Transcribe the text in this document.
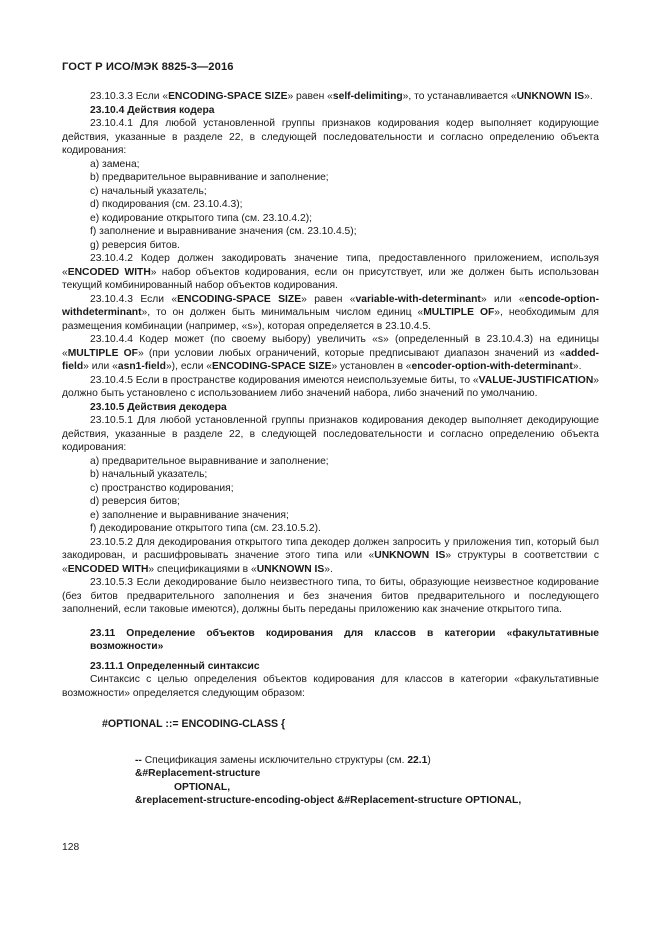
ГОСТ Р ИСО/МЭК 8825-3—2016

23.10.3.3 Если «ENCODING-SPACE SIZE» равен «self-delimiting», то устанавливается «UNKNOWN IS».

23.10.4 Действия кодера

23.10.4.1 Для любой установленной группы признаков кодирования кодер выполняет кодирующие действия, указанные в разделе 22, в следующей последовательности и согласно определению объекта кодирования:

a) замена;

b) предварительное выравнивание и заполнение;

c) начальный указатель;

d) пкодирования (см. 23.10.4.3);

e) кодирование открытого типа (см. 23.10.4.2);

f) заполнение и выравнивание значения (см. 23.10.4.5);

g) реверсия битов.

23.10.4.2 Кодер должен закодировать значение типа, предоставленного приложением, используя «ENCODED WITH» набор объектов кодирования, если он присутствует, или же должен быть использован текущий комбинированный набор объектов кодирования.

23.10.4.3 Если «ENCODING-SPACE SIZE» равен «variable-with-determinant» или «encode-option-withdeterminant», то он должен быть минимальным числом единиц «MULTIPLE OF», необходимым для размещения комбинации (например, «s»), которая определяется в 23.10.4.5.

23.10.4.4 Кодер может (по своему выбору) увеличить «s» (определенный в 23.10.4.3) на единицы «MULTIPLE OF» (при условии любых ограничений, которые предписывают диапазон значений из «added-field» или «asn1-field»), если «ENCODING-SPACE SIZE» установлен в «encoder-option-with-determinant».

23.10.4.5 Если в пространстве кодирования имеются неиспользуемые биты, то «VALUE-JUSTIFICATION» должно быть установлено с использованием либо значений набора, либо значений по умолчанию.

23.10.5 Действия декодера

23.10.5.1 Для любой установленной группы признаков кодирования декодер выполняет декодирующие действия, указанные в разделе 22, в следующей последовательности и согласно определению объекта кодирования:

a) предварительное выравнивание и заполнение;

b) начальный указатель;

c) пространство кодирования;

d) реверсия битов;

e) заполнение и выравнивание значения;

f) декодирование открытого типа (см. 23.10.5.2).

23.10.5.2 Для декодирования открытого типа декодер должен запросить у приложения тип, который был закодирован, и расшифровывать значение этого типа или «UNKNOWN IS» структуры в соответствии с «ENCODED WITH» спецификациями в «UNKNOWN IS».

23.10.5.3 Если декодирование было неизвестного типа, то биты, образующие неизвестное кодирование (без битов предварительного заполнения и без значения битов предварительного и последующего заполнений, если таковые имеются), должны быть переданы приложению как значение открытого типа.

23.11 Определение объектов кодирования для классов в категории «факультативные возможности»

23.11.1 Определенный синтаксис

Синтаксис с целью определения объектов кодирования для классов в категории «факультативные возможности» определяется следующим образом:

#OPTIONAL ::= ENCODING-CLASS {

-- Спецификация замены исключительно структуры (см. 22.1)

&#Replacement-structure

OPTIONAL,

&replacement-structure-encoding-object &#Replacement-structure OPTIONAL,

128
